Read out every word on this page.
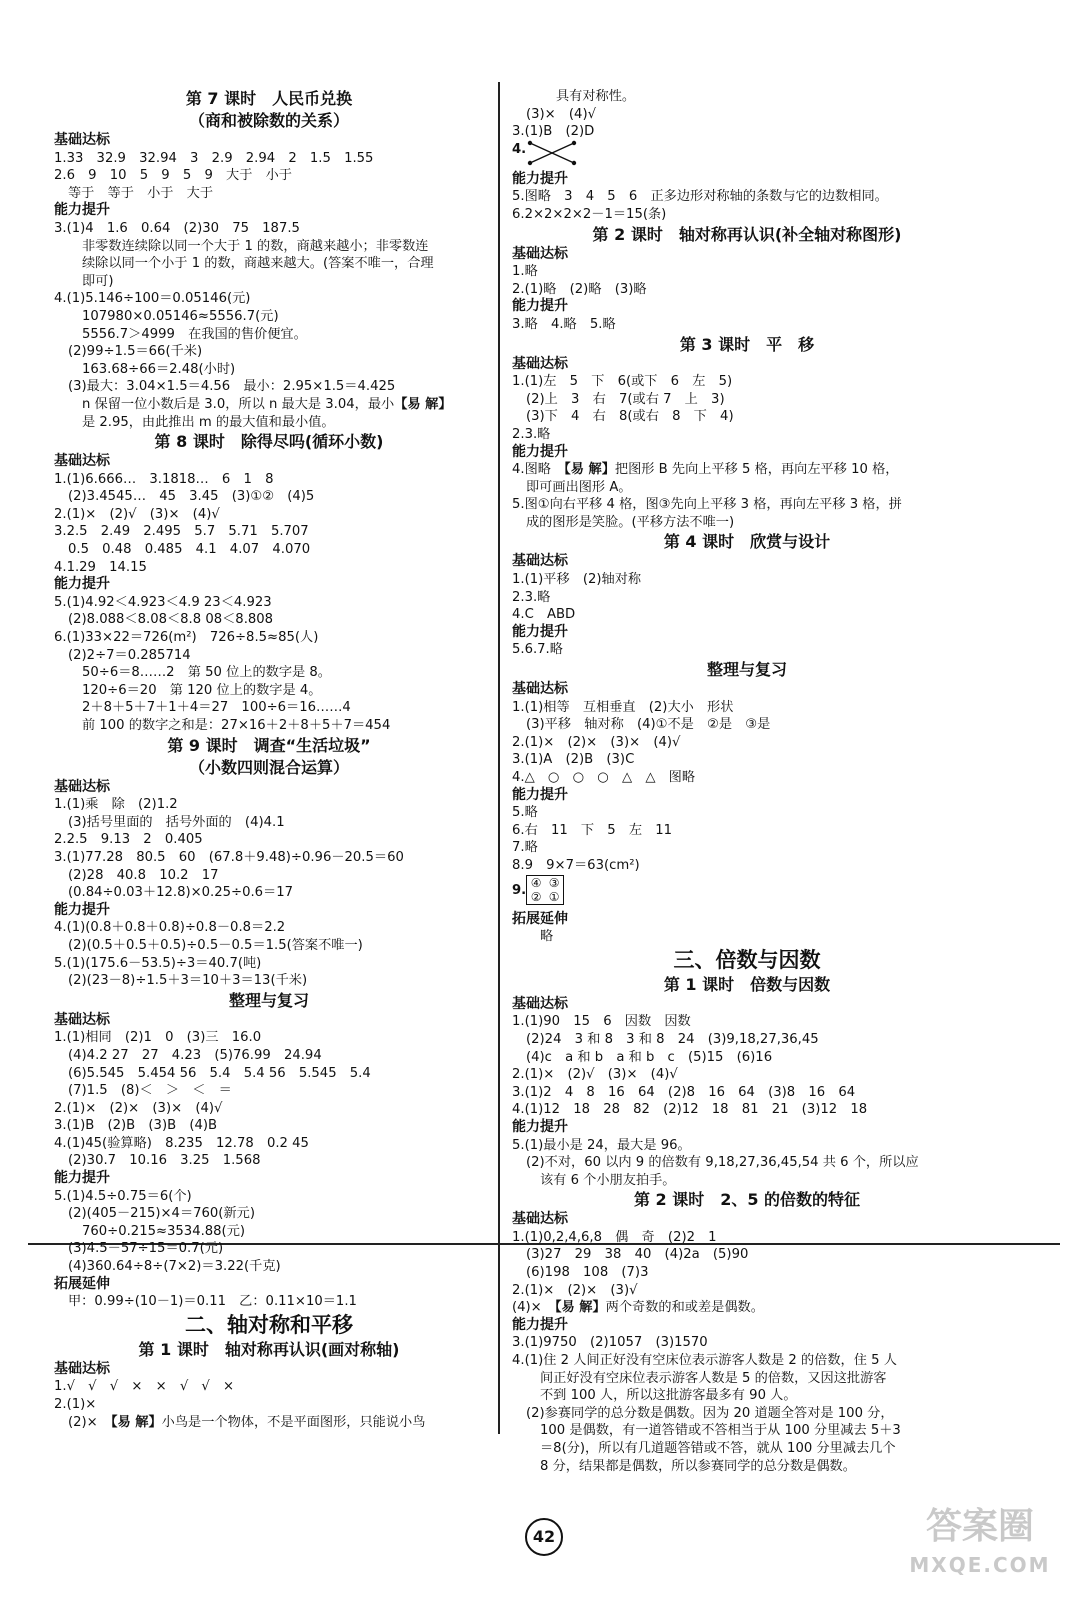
第 7 课时　人民币兑换
（商和被除数的关系）
基础达标
1.33　32.9　32.94　3　2.9　2.94　2　1.5　1.55
2.6　9　10　5　9　5　9　大于　小于
等于　等于　小于　大于
能力提升
3.(1)4　1.6　0.64　(2)30　75　187.5
非零数连续除以同一个大于 1 的数，商越来越小；非零数连
续除以同一个小于 1 的数，商越来越大。(答案不唯一，合理
即可)
4.(1)5.146÷100＝0.05146(元)
107980×0.05146≈5556.7(元)
5556.7＞4999　在我国的售价便宜。
(2)99÷1.5＝66(千米)
163.68÷66＝2.48(小时)
(3)最大：3.04×1.5＝4.56　最小：2.95×1.5＝4.425
n 保留一位小数后是 3.0，所以 n 最大是 3.04，最小【易 解】
是 2.95，由此推出 m 的最大值和最小值。
第 8 课时　除得尽吗(循环小数)
基础达标
1.(1)6.666…　3.1818…　6　1　8
(2)3.4545…　45　3.45　(3)①②　(4)5
2.(1)×　(2)√　(3)×　(4)√
3.2.5　2.49　2.495　5.7　5.71　5.707
0.5　0.48　0.485　4.1　4.07　4.070
4.1.29　14.15
能力提升
5.(1)4.92＜4.923＜4.9 23＜4.923
(2)8.088＜8.08＜8.8 08＜8.808
6.(1)33×22＝726(m²)　726÷8.5≈85(人)
(2)2÷7＝0.285714
50÷6＝8……2　第 50 位上的数字是 8。
120÷6＝20　第 120 位上的数字是 4。
2＋8＋5＋7＋1＋4＝27　100÷6＝16……4
前 100 的数字之和是：27×16＋2＋8＋5＋7＝454
第 9 课时　调查“生活垃圾”
（小数四则混合运算）
基础达标
1.(1)乘　除　(2)1.2
(3)括号里面的　括号外面的　(4)4.1
2.2.5　9.13　2　0.405
3.(1)77.28　80.5　60　(67.8＋9.48)÷0.96－20.5＝60
(2)28　40.8　10.2　17
(0.84÷0.03＋12.8)×0.25÷0.6＝17
能力提升
4.(1)(0.8＋0.8＋0.8)÷0.8－0.8＝2.2
(2)(0.5＋0.5＋0.5)÷0.5－0.5＝1.5(答案不唯一)
5.(1)(175.6－53.5)÷3＝40.7(吨)
(2)(23－8)÷1.5＋3＝10＋3＝13(千米)
整理与复习
基础达标
1.(1)相同　(2)1　0　(3)三　16.0
(4)4.2 27　27　4.23　(5)76.99　24.94
(6)5.545　5.454 56　5.4　5.4 56　5.545　5.4
(7)1.5　(8)＜　＞　＜　＝
2.(1)×　(2)×　(3)×　(4)√
3.(1)B　(2)B　(3)B　(4)B
4.(1)45(验算略)　8.235　12.78　0.2 45
(2)30.7　10.16　3.25　1.568
能力提升
5.(1)4.5÷0.75＝6(个)
(2)(405－215)×4＝760(新元)
760÷0.215≈3534.88(元)
(3)4.5－57÷15＝0.7(元)
(4)360.64÷8÷(7×2)＝3.22(千克)
拓展延伸
甲：0.99÷(10－1)＝0.11　乙：0.11×10＝1.1
二、轴对称和平移
第 1 课时　轴对称再认识(画对称轴)
基础达标
1.√　√　√　×　×　√　√　×
2.(1)×
(2)×　【易 解】小鸟是一个物体，不是平面图形，只能说小鸟
具有对称性。
(3)×　(4)√
3.(1)B　(2)D
4.
能力提升
5.图略　3　4　5　6　正多边形对称轴的条数与它的边数相同。
6.2×2×2×2－1＝15(条)
第 2 课时　轴对称再认识(补全轴对称图形)
基础达标
1.略
2.(1)略　(2)略　(3)略
能力提升
3.略　4.略　5.略
第 3 课时　平　移
基础达标
1.(1)左　5　下　6(或下　6　左　5)
(2)上　3　右　7(或右 7　上　3)
(3)下　4　右　8(或右　8　下　4)
2.3.略
能力提升
4.图略　【易 解】把图形 B 先向上平移 5 格，再向左平移 10 格，
即可画出图形 A。
5.图①向右平移 4 格，图③先向上平移 3 格，再向左平移 3 格，拼
成的图形是笑脸。(平移方法不唯一)
第 4 课时　欣赏与设计
基础达标
1.(1)平移　(2)轴对称
2.3.略
4.C　ABD
能力提升
5.6.7.略
整理与复习
基础达标
1.(1)相等　互相垂直　(2)大小　形状
(3)平移　轴对称　(4)①不是　②是　③是
2.(1)×　(2)×　(3)×　(4)√
3.(1)A　(2)B　(3)C
4.△　○　○　○　△　△　图略
能力提升
5.略
6.右　11　下　5　左　11
7.略
8.9　9×7＝63(cm²)
9. ④ ③
② ①
拓展延伸
略
三、倍数与因数
第 1 课时　倍数与因数
基础达标
1.(1)90　15　6　因数　因数
(2)24　3 和 8　3 和 8　24　(3)9,18,27,36,45
(4)c　a 和 b　a 和 b　c　(5)15　(6)16
2.(1)×　(2)√　(3)×　(4)√
3.(1)2　4　8　16　64　(2)8　16　64　(3)8　16　64
4.(1)12　18　28　82　(2)12　18　81　21　(3)12　18
能力提升
5.(1)最小是 24，最大是 96。
(2)不对，60 以内 9 的倍数有 9,18,27,36,45,54 共 6 个，所以应
该有 6 个小朋友拍手。
第 2 课时　2、5 的倍数的特征
基础达标
1.(1)0,2,4,6,8　偶　奇　(2)2　1
(3)27　29　38　40　(4)2a　(5)90
(6)198　108　(7)3
2.(1)×　(2)×　(3)√
(4)×　【易 解】两个奇数的和或差是偶数。
能力提升
3.(1)9750　(2)1057　(3)1570
4.(1)住 2 人间正好没有空床位表示游客人数是 2 的倍数，住 5 人
间正好没有空床位表示游客人数是 5 的倍数，又因这批游客
不到 100 人，所以这批游客最多有 90 人。
(2)参赛同学的总分数是偶数。因为 20 道题全答对是 100 分，
100 是偶数，有一道答错或不答相当于从 100 分里减去 5＋3
＝8(分)，所以有几道题答错或不答，就从 100 分里减去几个
8 分，结果都是偶数，所以参赛同学的总分数是偶数。
42	答案圈
MXQE.COM
